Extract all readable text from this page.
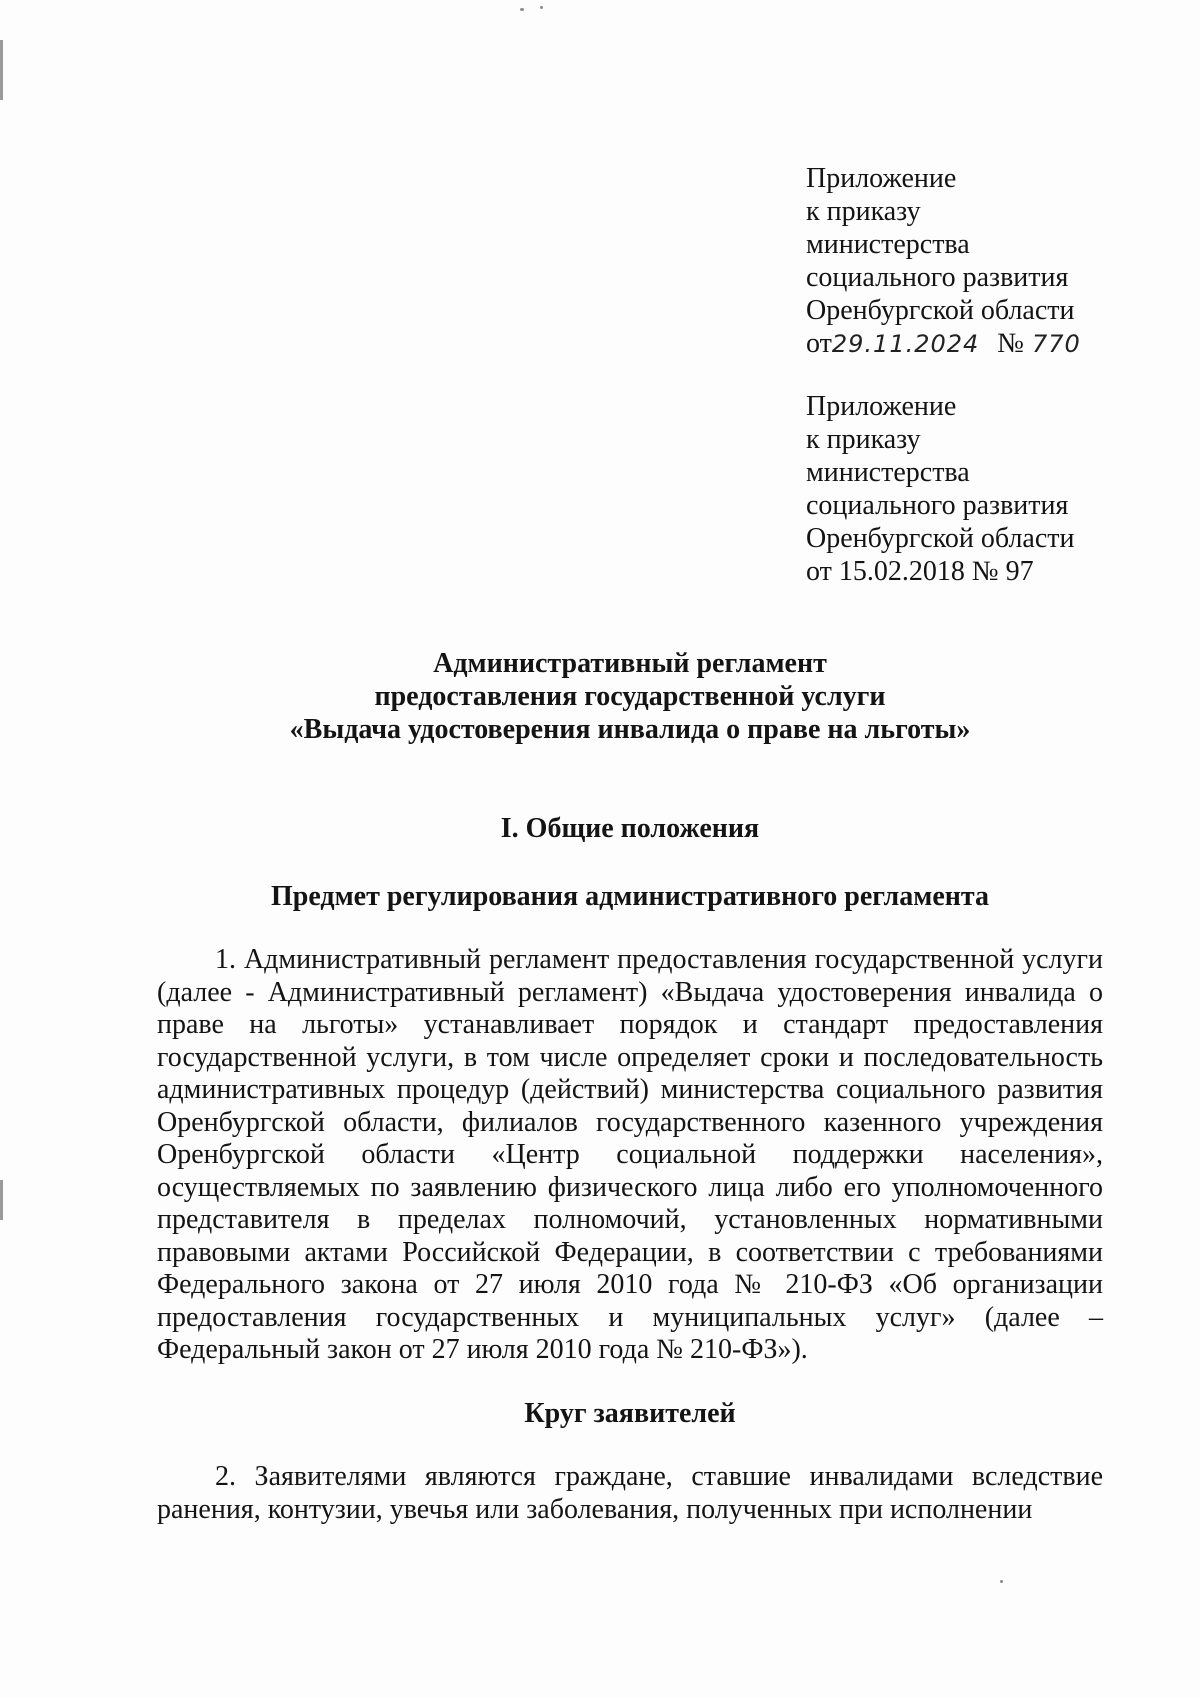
Приложение
к приказу
министерства
социального развития
Оренбургской области
от29.11.2024 № 770
Приложение
к приказу
министерства
социального развития
Оренбургской области
от 15.02.2018 № 97
Административный регламент
предоставления государственной услуги
«Выдача удостоверения инвалида о праве на льготы»
I. Общие положения
Предмет регулирования административного регламента
1. Административный регламент предоставления государственной услуги (далее - Административный регламент) «Выдача удостоверения инвалида о праве на льготы» устанавливает порядок и стандарт предоставления государственной услуги, в том числе определяет сроки и последовательность административных процедур (действий) министерства социального развития Оренбургской области, филиалов государственного казенного учреждения Оренбургской области «Центр социальной поддержки населения», осуществляемых по заявлению физического лица либо его уполномоченного представителя в пределах полномочий, установленных нормативными правовыми актами Российской Федерации, в соответствии с требованиями Федерального закона от 27 июля 2010 года № 210-ФЗ «Об организации предоставления государственных и муниципальных услуг» (далее – Федеральный закон от 27 июля 2010 года № 210-ФЗ»).
Круг заявителей
2. Заявителями являются граждане, ставшие инвалидами вследствие ранения, контузии, увечья или заболевания, полученных при исполнении
